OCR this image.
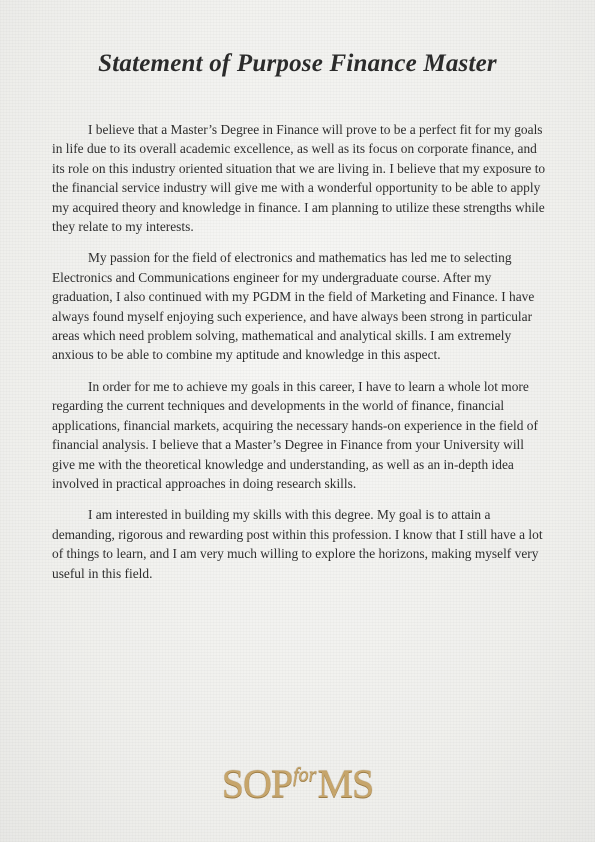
Statement of Purpose Finance Master

I believe that a Master’s Degree in Finance will prove to be a perfect fit for my goals in life due to its overall academic excellence, as well as its focus on corporate finance, and its role on this industry oriented situation that we are living in. I believe that my exposure to the financial service industry will give me with a wonderful opportunity to be able to apply my acquired theory and knowledge in finance. I am planning to utilize these strengths while they relate to my interests.

My passion for the field of electronics and mathematics has led me to selecting Electronics and Communications engineer for my undergraduate course. After my graduation, I also continued with my PGDM in the field of Marketing and Finance. I have always found myself enjoying such experience, and have always been strong in particular areas which need problem solving, mathematical and analytical skills. I am extremely anxious to be able to combine my aptitude and knowledge in this aspect.

In order for me to achieve my goals in this career, I have to learn a whole lot more regarding the current techniques and developments in the world of finance, financial applications, financial markets, acquiring the necessary hands-on experience in the field of financial analysis. I believe that a Master’s Degree in Finance from your University will give me with the theoretical knowledge and understanding, as well as an in-depth idea involved in practical approaches in doing research skills.

I am interested in building my skills with this degree. My goal is to attain a demanding, rigorous and rewarding post within this profession. I know that I still have a lot of things to learn, and I am very much willing to explore the horizons, making myself very useful in this field.

SOPforMS
